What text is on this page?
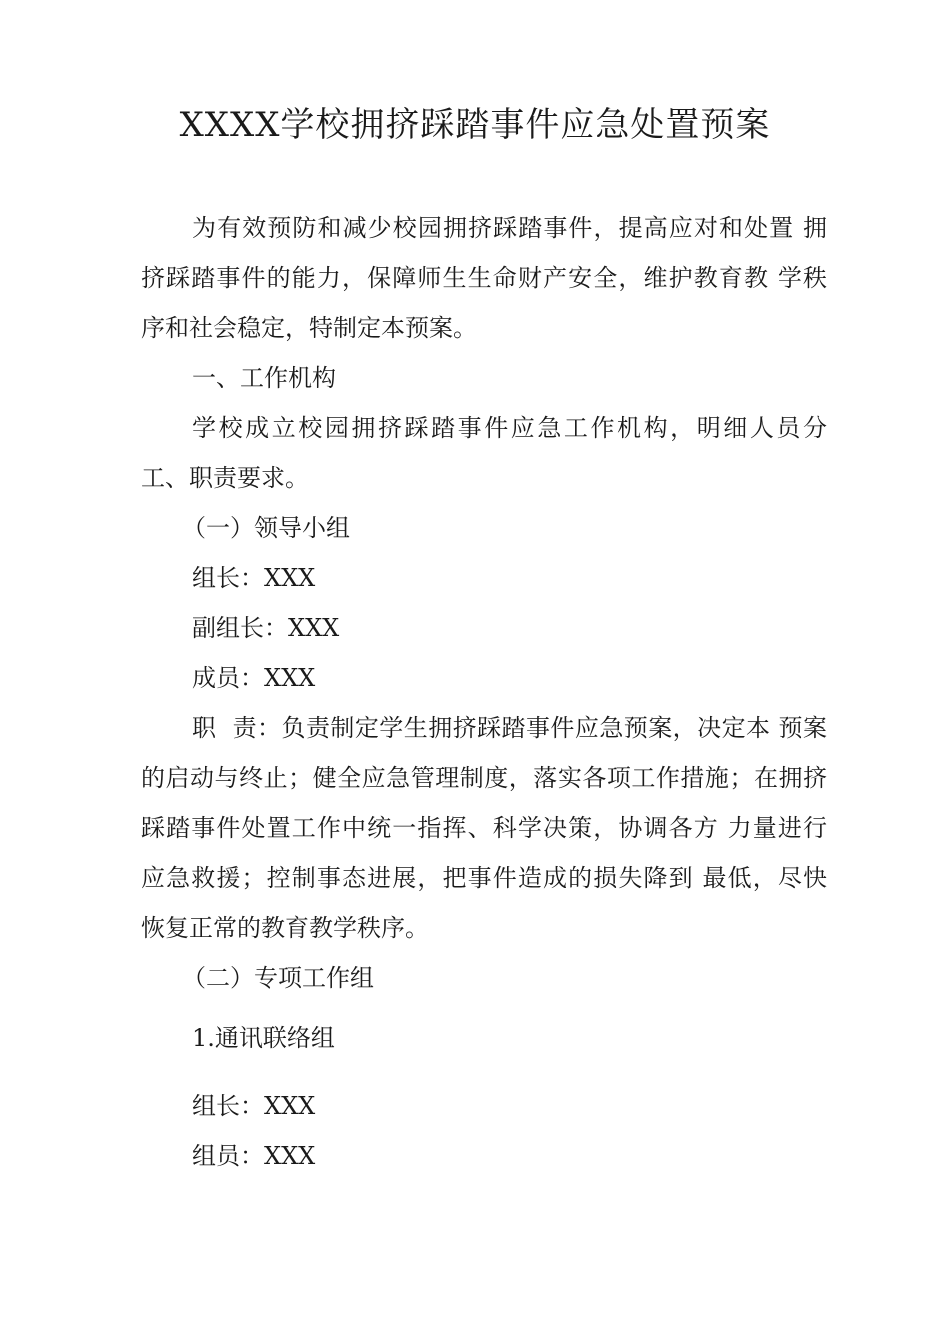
XXXX学校拥挤踩踏事件应急处置预案
为有效预防和减少校园拥挤踩踏事件，提高应对和处置 拥
挤踩踏事件的能力，保障师生生命财产安全，维护教育教 学秩
序和社会稳定，特制定本预案。
一、工作机构
学校成立校园拥挤踩踏事件应急工作机构，明细人员分
工、职责要求。
（一）领导小组
组长：XXX
副组长：XXX
成员：XXX
职  责：负责制定学生拥挤踩踏事件应急预案，决定本 预案
的启动与终止；健全应急管理制度，落实各项工作措施；在拥挤
踩踏事件处置工作中统一指挥、科学决策，协调各方 力量进行
应急救援；控制事态进展，把事件造成的损失降到 最低，尽快
恢复正常的教育教学秩序。
（二）专项工作组
1.通讯联络组
组长：XXX
组员：XXX
